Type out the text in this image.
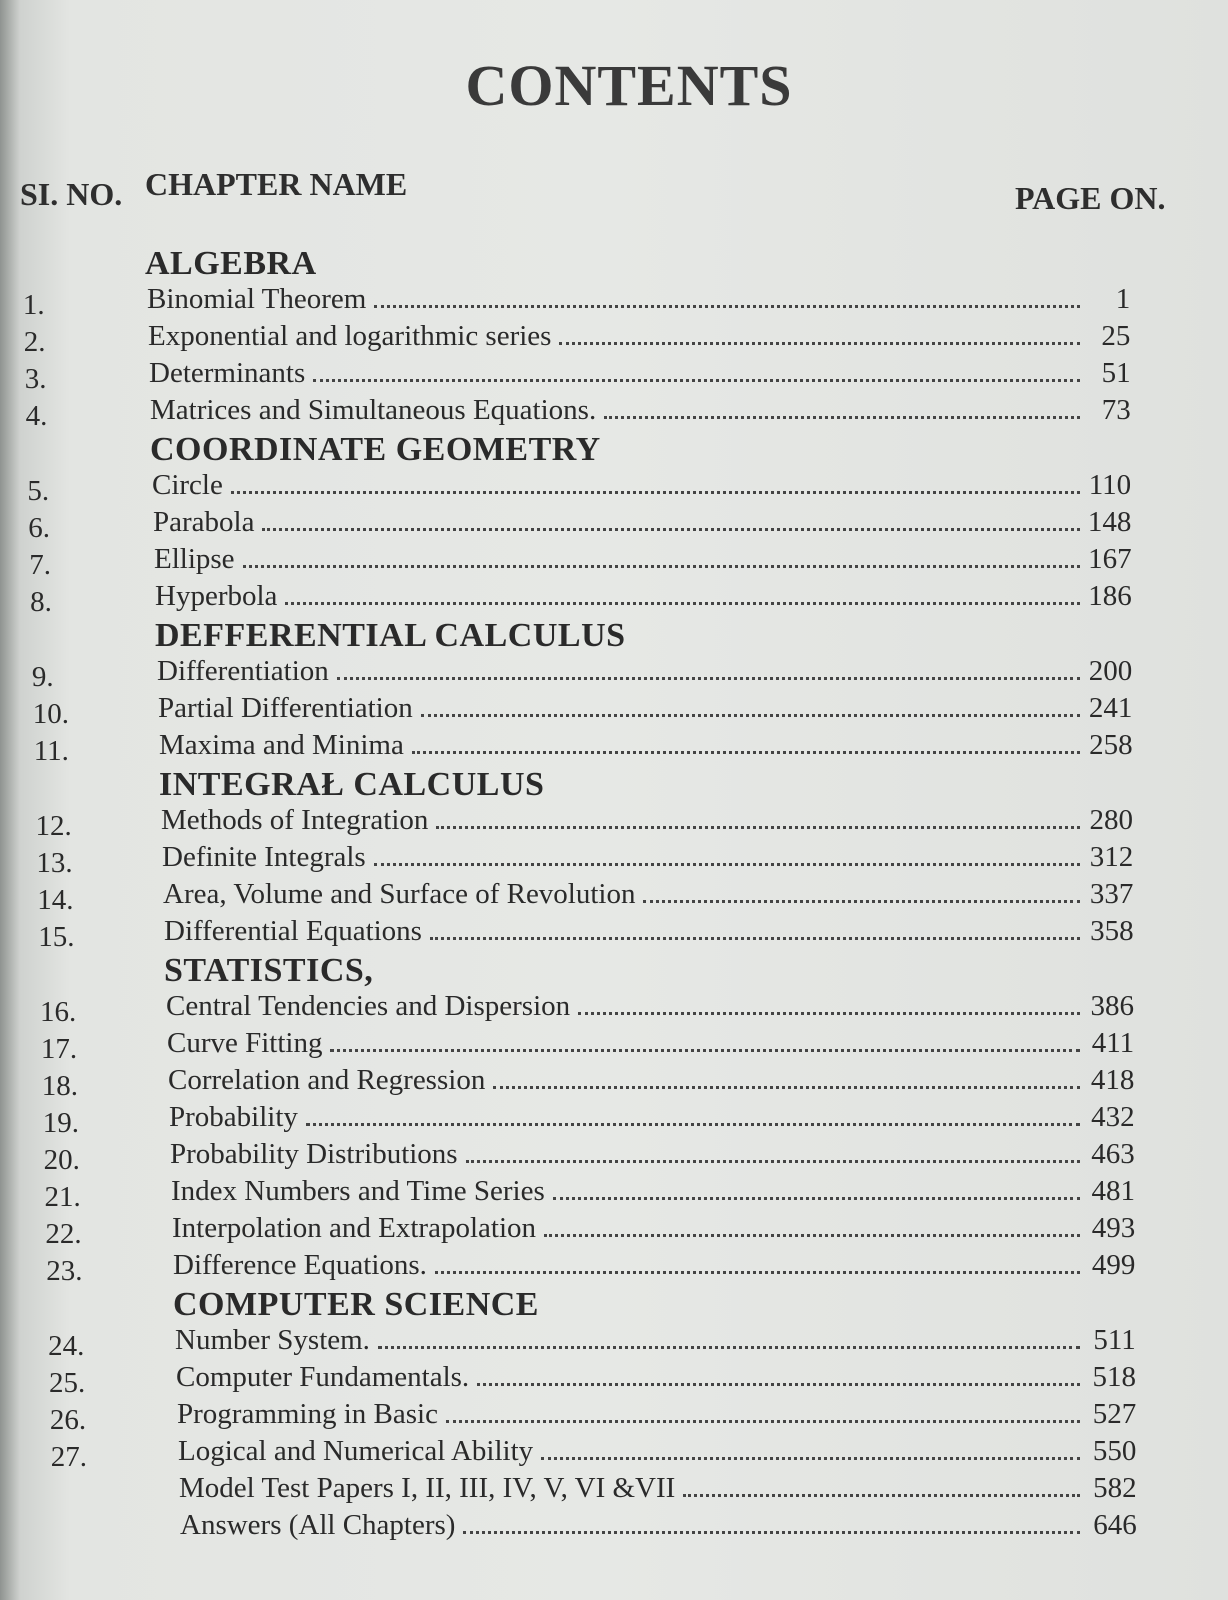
CONTENTS
SI. NO. CHAPTER NAME	PAGE ON.
ALGEBRA
1.	Binomial Theorem	1
2.	Exponential and logarithmic series	25
3.	Determinants	51
4.	Matrices and Simultaneous Equations.	73
COORDINATE GEOMETRY
5.	Circle	110
6.	Parabola	148
7.	Ellipse	167
8.	Hyperbola	186
DEFFERENTIAL CALCULUS
9.	Differentiation	200
10.	Partial Differentiation	241
11.	Maxima and Minima	258
INTEGRAŁ CALCULUS
12.	Methods of Integration	280
13.	Definite Integrals	312
14.	Area, Volume and Surface of Revolution	337
15.	Differential Equations	358
STATISTICS,
16.	Central Tendencies and Dispersion	386
17.	Curve Fitting	411
18.	Correlation and Regression	418
19.	Probability	432
20.	Probability Distributions	463
21.	Index Numbers and Time Series	481
22.	Interpolation and Extrapolation	493
23.	Difference Equations.	499
COMPUTER SCIENCE
24.	Number System.	511
25.	Computer Fundamentals.	518
26.	Programming in Basic	527
27.	Logical and Numerical Ability	550
Model Test Papers I, II, III, IV, V, VI &VII	582
Answers (All Chapters)	646
